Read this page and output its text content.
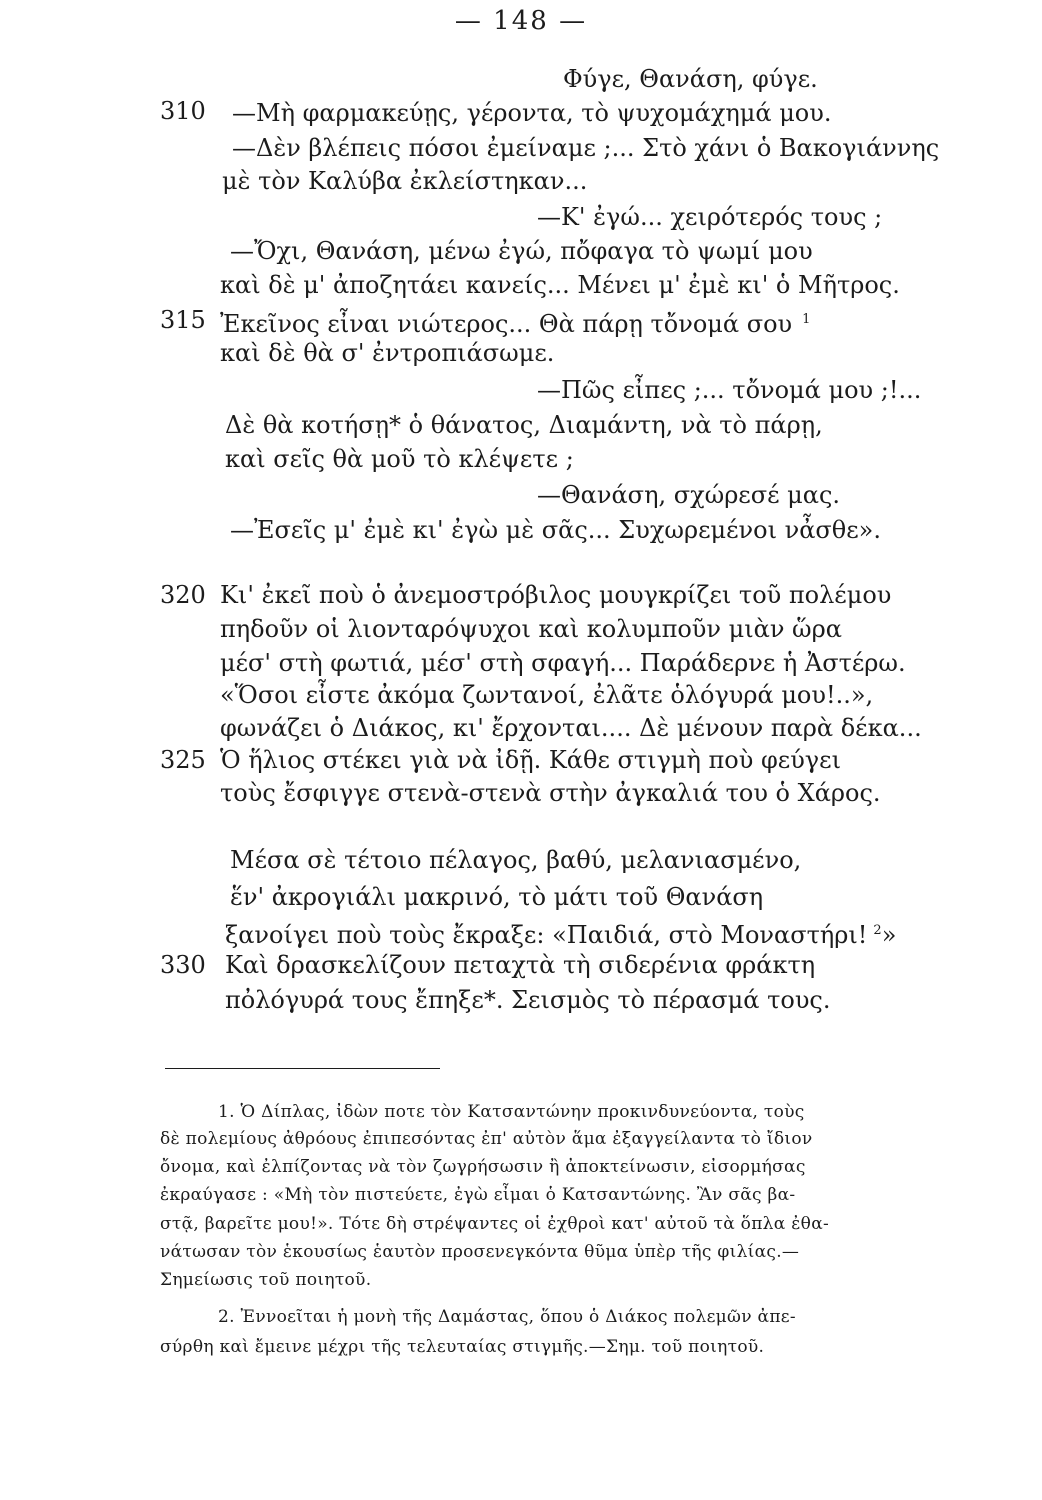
— 148 —
310
315
320
325
330
Φύγε, Θανάση, φύγε.
—Μὴ φαρμακεύῃς, γέροντα, τὸ ψυχομάχημά μου.
—Δὲν βλέπεις πόσοι ἐμείναμε ;... Στὸ χάνι ὁ Βακογιάννης
μὲ τὸν Καλύβα ἐκλείστηκαν...
—Κ' ἐγώ... χειρότερός τους ;
—Ὄχι, Θανάση, μένω ἐγώ, πὄφαγα τὸ ψωμί μου
καὶ δὲ μ' ἀποζητάει κανείς... Μένει μ' ἐμὲ κι' ὁ Μῆτρος.
Ἐκεῖνος εἶναι νιώτερος... Θὰ πάρῃ τὄνομά σου $^1$
καὶ δὲ θὰ σ' ἐντροπιάσωμε.
—Πῶς εἶπες ;... τὄνομά μου ;!...
Δὲ θὰ κοτήσῃ* ὁ θάνατος, Διαμάντη, νὰ τὸ πάρῃ,
καὶ σεῖς θὰ μοῦ τὸ κλέψετε ;
—Θανάση, σχώρεσέ μας.
—Ἐσεῖς μ' ἐμὲ κι' ἐγὼ μὲ σᾶς... Συχωρεμένοι νἆσθε».
Κι' ἐκεῖ ποὺ ὁ ἀνεμοστρόβιλος μουγκρίζει τοῦ πολέμου
πηδοῦν οἱ λιονταρόψυχοι καὶ κολυμποῦν μιὰν ὥρα
μέσ' στὴ φωτιά, μέσ' στὴ σφαγή... Παράδερνε ἡ Ἀστέρω.
«Ὅσοι εἶστε ἀκόμα ζωντανοί, ἐλᾶτε ὁλόγυρά μου!..»,
φωνάζει ὁ Διάκος, κι' ἔρχονται.... Δὲ μένουν παρὰ δέκα...
Ὁ ἥλιος στέκει γιὰ νὰ ἰδῇ. Κάθε στιγμὴ ποὺ φεύγει
τοὺς ἔσφιγγε στενὰ-στενὰ στὴν ἀγκαλιά του ὁ Χάρος.
Μέσα σὲ τέτοιο πέλαγος, βαθύ, μελανιασμένο,
ἕν' ἀκρογιάλι μακρινό, τὸ μάτι τοῦ Θανάση
ξανοίγει ποὺ τοὺς ἔκραξε: «Παιδιά, στὸ Μοναστήρι! $^2$»
Καὶ δρασκελίζουν πεταχτὰ τὴ σιδερένια φράκτη
πὀλόγυρά τους ἔπηξε*. Σεισμὸς τὸ πέρασμά τους.
1. Ὁ Δίπλας, ἰδὼν ποτε τὸν Κατσαντώνην προκινδυνεύοντα, τοὺς
δὲ πολεμίους ἀθρόους ἐπιπεσόντας ἐπ' αὐτὸν ἅμα ἐξαγγείλαντα τὸ ἴδιον
ὄνομα, καὶ ἐλπίζοντας νὰ τὸν ζωγρήσωσιν ἢ ἀποκτείνωσιν, εἰσορμήσας
ἐκραύγασε : «Μὴ τὸν πιστεύετε, ἐγὼ εἶμαι ὁ Κατσαντώνης. Ἂν σᾶς βα-
στᾷ, βαρεῖτε μου!». Τότε δὴ στρέψαντες οἱ ἐχθροὶ κατ' αὐτοῦ τὰ ὅπλα ἐθα-
νάτωσαν τὸν ἑκουσίως ἑαυτὸν προσενεγκόντα θῦμα ὑπὲρ τῆς φιλίας.—
Σημείωσις τοῦ ποιητοῦ.
2. Ἐννοεῖται ἡ μονὴ τῆς Δαμάστας, ὅπου ὁ Διάκος πολεμῶν ἀπε-
σύρθη καὶ ἔμεινε μέχρι τῆς τελευταίας στιγμῆς.—Σημ. τοῦ ποιητοῦ.
